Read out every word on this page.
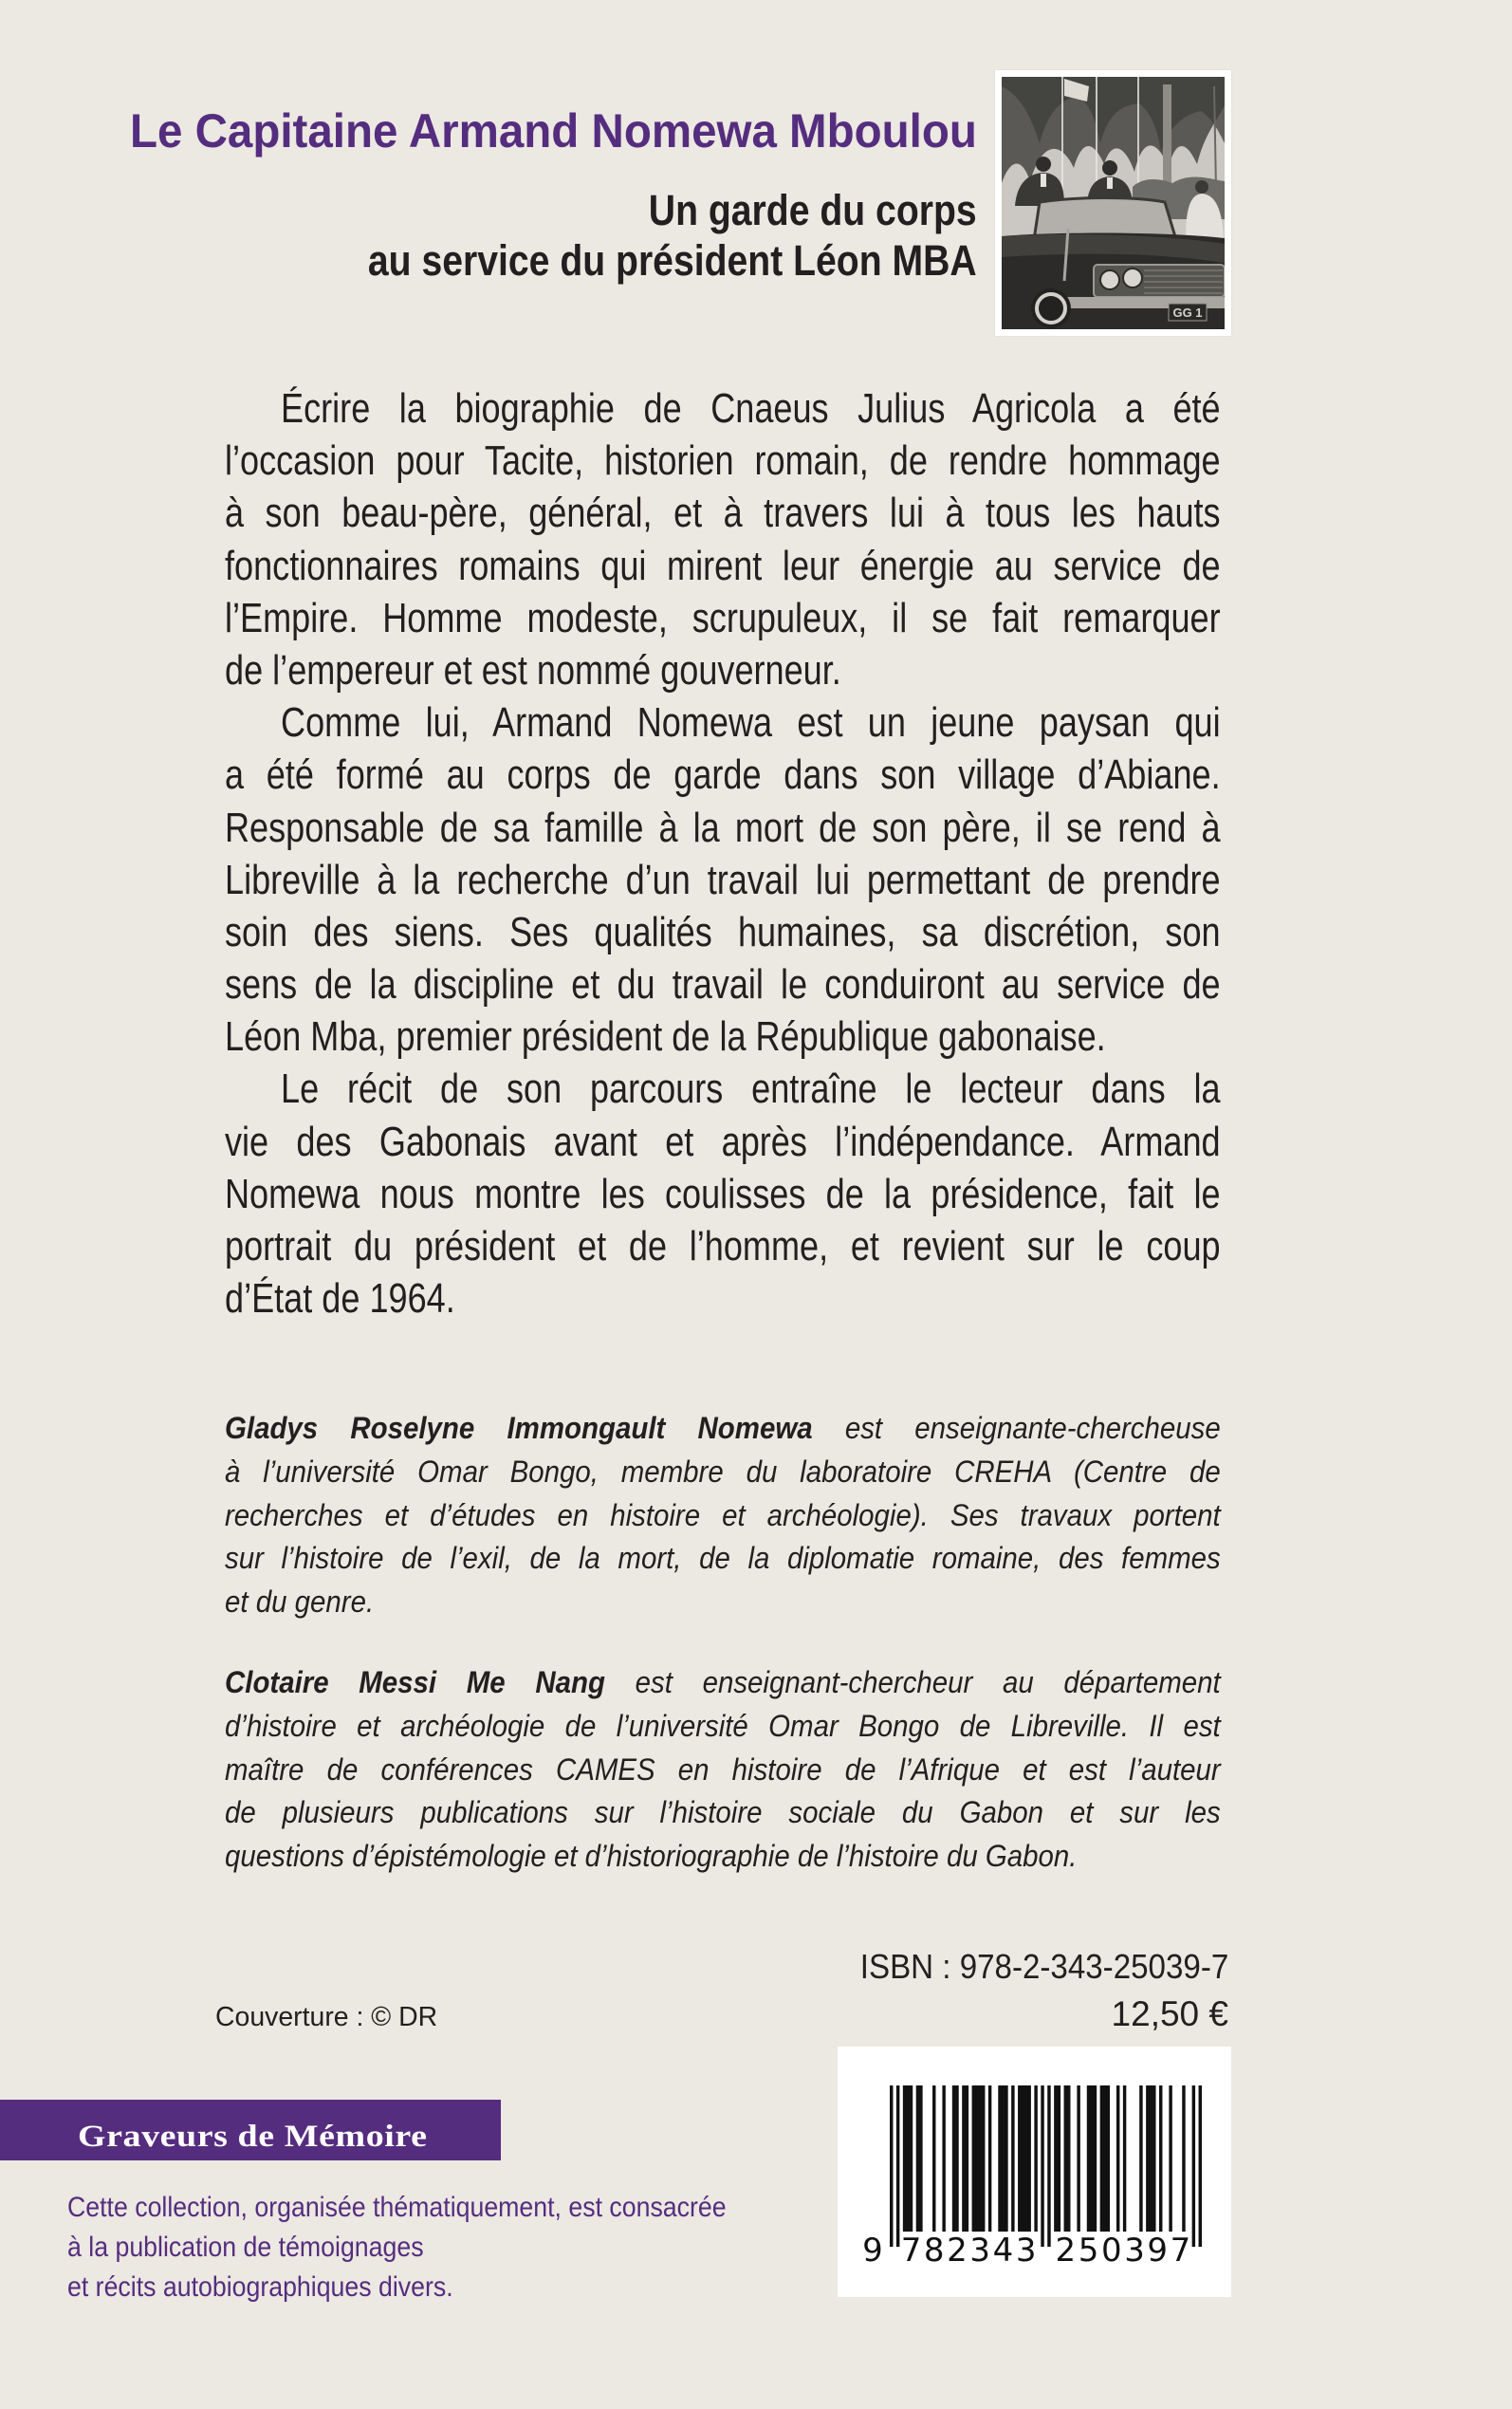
Le Capitaine Armand Nomewa Mboulou
Un garde du corps
au service du président Léon MBA
GG 1
Écrire la biographie de Cnaeus Julius Agricola a été
l’occasion pour Tacite, historien romain, de rendre hommage
à son beau-père, général, et à travers lui à tous les hauts
fonctionnaires romains qui mirent leur énergie au service de
l’Empire. Homme modeste, scrupuleux, il se fait remarquer
de l’empereur et est nommé gouverneur.
Comme lui, Armand Nomewa est un jeune paysan qui
a été formé au corps de garde dans son village d’Abiane.
Responsable de sa famille à la mort de son père, il se rend à
Libreville à la recherche d’un travail lui permettant de prendre
soin des siens. Ses qualités humaines, sa discrétion, son
sens de la discipline et du travail le conduiront au service de
Léon Mba, premier président de la République gabonaise.
Le récit de son parcours entraîne le lecteur dans la
vie des Gabonais avant et après l’indépendance. Armand
Nomewa nous montre les coulisses de la présidence, fait le
portrait du président et de l’homme, et revient sur le coup
d’État de 1964.
Gladys Roselyne Immongault Nomewa est enseignante-chercheuse
à l’université Omar Bongo, membre du laboratoire CREHA (Centre de
recherches et d’études en histoire et archéologie). Ses travaux portent
sur l’histoire de l’exil, de la mort, de la diplomatie romaine, des femmes
et du genre.
Clotaire Messi Me Nang est enseignant-chercheur au département
d’histoire et archéologie de l’université Omar Bongo de Libreville. Il est
maître de conférences CAMES en histoire de l’Afrique et est l’auteur
de plusieurs publications sur l’histoire sociale du Gabon et sur les
questions d’épistémologie et d’historiographie de l’histoire du Gabon.
ISBN : 978-2-343-25039-7
12,50 €
Couverture : © DR
Graveurs de Mémoire
Cette collection, organisée thématiquement, est consacrée
à la publication de témoignages
et récits autobiographiques divers.
9 7 8 2 3 4 3 2 5 0 3 9 7
